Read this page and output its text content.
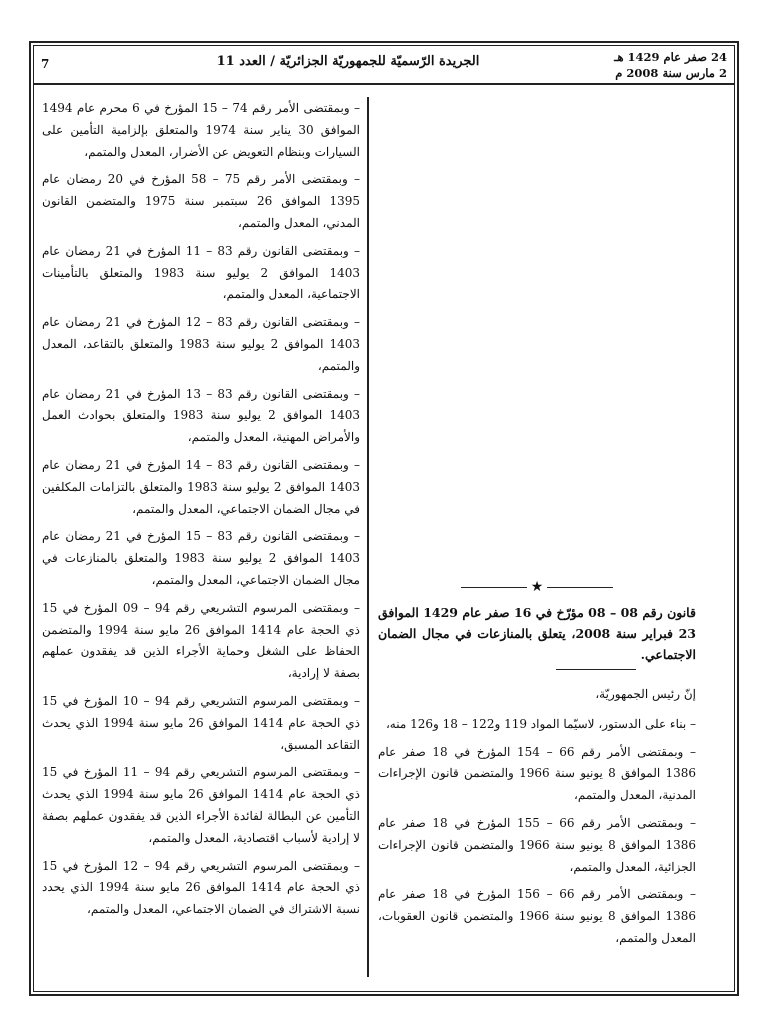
7	الجريدة الرّسميّة للجمهوريّة الجزائريّة / العدد 11	24 صفر عام 1429 هـ
2 مارس سنة 2008 م

– وبمقتضى الأمر رقم 74 – 15 المؤرخ في 6 محرم عام 1494 الموافق 30 يناير سنة 1974 والمتعلق بإلزامية التأمين على السيارات وبنظام التعويض عن الأضرار، المعدل والمتمم،

– وبمقتضى الأمر رقم 75 – 58 المؤرخ في 20 رمضان عام 1395 الموافق 26 سبتمبر سنة 1975 والمتضمن القانون المدني، المعدل والمتمم،

– وبمقتضى القانون رقم 83 – 11 المؤرخ في 21 رمضان عام 1403 الموافق 2 يوليو سنة 1983 والمتعلق بالتأمينات الاجتماعية، المعدل والمتمم،

– وبمقتضى القانون رقم 83 – 12 المؤرخ في 21 رمضان عام 1403 الموافق 2 يوليو سنة 1983 والمتعلق بالتقاعد، المعدل والمتمم،

– وبمقتضى القانون رقم 83 – 13 المؤرخ في 21 رمضان عام 1403 الموافق 2 يوليو سنة 1983 والمتعلق بحوادث العمل والأمراض المهنية، المعدل والمتمم،

– وبمقتضى القانون رقم 83 – 14 المؤرخ في 21 رمضان عام 1403 الموافق 2 يوليو سنة 1983 والمتعلق بالتزامات المكلفين في مجال الضمان الاجتماعي، المعدل والمتمم،

– وبمقتضى القانون رقم 83 – 15 المؤرخ في 21 رمضان عام 1403 الموافق 2 يوليو سنة 1983 والمتعلق بالمنازعات في مجال الضمان الاجتماعي، المعدل والمتمم،

– وبمقتضى المرسوم التشريعي رقم 94 – 09 المؤرخ في 15 ذي الحجة عام 1414 الموافق 26 مايو سنة 1994 والمتضمن الحفاظ على الشغل وحماية الأجراء الذين قد يفقدون عملهم بصفة لا إرادية،

– وبمقتضى المرسوم التشريعي رقم 94 – 10 المؤرخ في 15 ذي الحجة عام 1414 الموافق 26 مايو سنة 1994 الذي يحدث التقاعد المسبق،

– وبمقتضى المرسوم التشريعي رقم 94 – 11 المؤرخ في 15 ذي الحجة عام 1414 الموافق 26 مايو سنة 1994 الذي يحدث التأمين عن البطالة لفائدة الأجراء الذين قد يفقدون عملهم بصفة لا إرادية لأسباب اقتصادية، المعدل والمتمم،

– وبمقتضى المرسوم التشريعي رقم 94 – 12 المؤرخ في 15 ذي الحجة عام 1414 الموافق 26 مايو سنة 1994 الذي يحدد نسبة الاشتراك في الضمان الاجتماعي، المعدل والمتمم،

★

قانون رقم 08 – 08 مؤرّخ في 16 صفر عام 1429 الموافق 23 فبراير سنة 2008، يتعلق بالمنازعات في مجال الضمان الاجتماعي.

إنّ رئيس الجمهوريّة،

– بناء على الدستور، لاسيّما المواد 119 و122 – 18 و126 منه،

– وبمقتضى الأمر رقم 66 – 154 المؤرخ في 18 صفر عام 1386 الموافق 8 يونيو سنة 1966 والمتضمن قانون الإجراءات المدنية، المعدل والمتمم،

– وبمقتضى الأمر رقم 66 – 155 المؤرخ في 18 صفر عام 1386 الموافق 8 يونيو سنة 1966 والمتضمن قانون الإجراءات الجزائية، المعدل والمتمم،

– وبمقتضى الأمر رقم 66 – 156 المؤرخ في 18 صفر عام 1386 الموافق 8 يونيو سنة 1966 والمتضمن قانون العقوبات، المعدل والمتمم،
